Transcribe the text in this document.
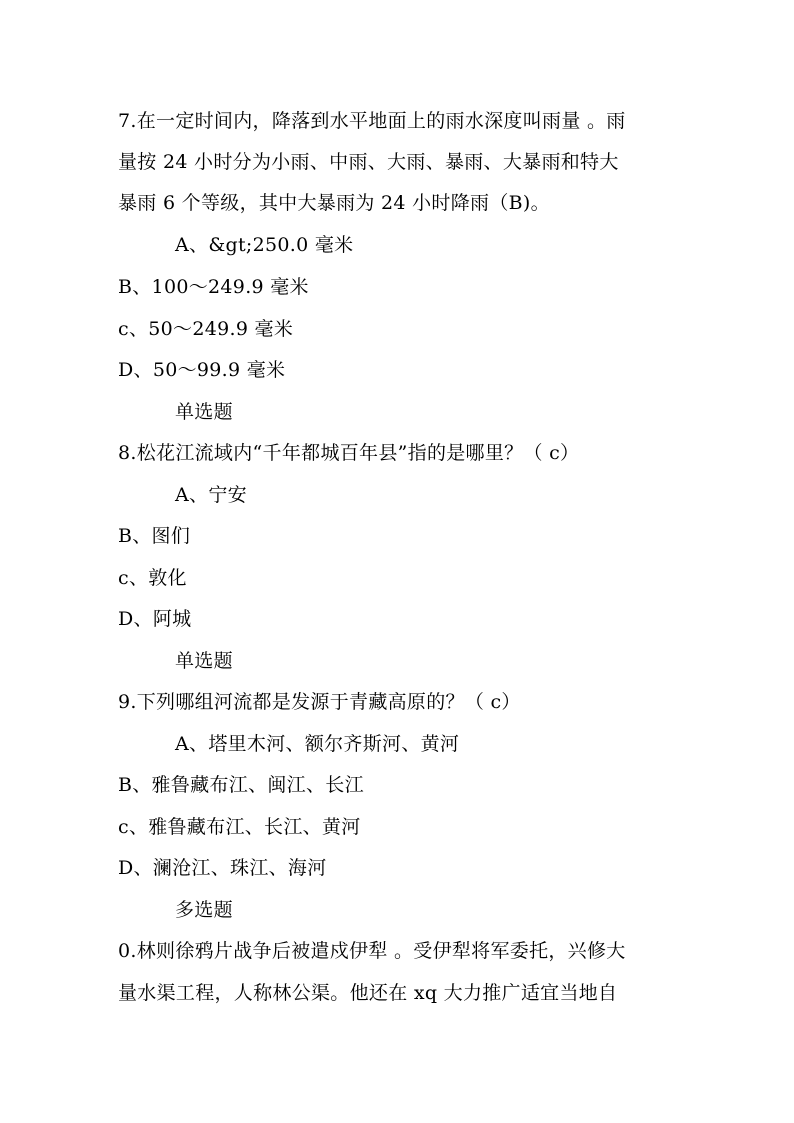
7.在一定时间内，降落到水平地面上的雨水深度叫雨量 。雨
量按 24 小时分为小雨、中雨、大雨、暴雨、大暴雨和特大
暴雨 6 个等级，其中大暴雨为 24 小时降雨（B)。
A、&gt;250.0 毫米
B、100～249.9 毫米
c、50～249.9 毫米
D、50～99.9 毫米
单选题
8.松花江流域内“千年都城百年县”指的是哪里？（ c）
A、宁安
B、图们
c、敦化
D、阿城
单选题
9.下列哪组河流都是发源于青藏高原的？（ c）
A、塔里木河、额尔齐斯河、黄河
B、雅鲁藏布江、闽江、长江
c、雅鲁藏布江、长江、黄河
D、澜沧江、珠江、海河
多选题
0.林则徐鸦片战争后被遣戍伊犁 。受伊犁将军委托，兴修大
量水渠工程，人称林公渠。他还在 xq 大力推广适宜当地自
